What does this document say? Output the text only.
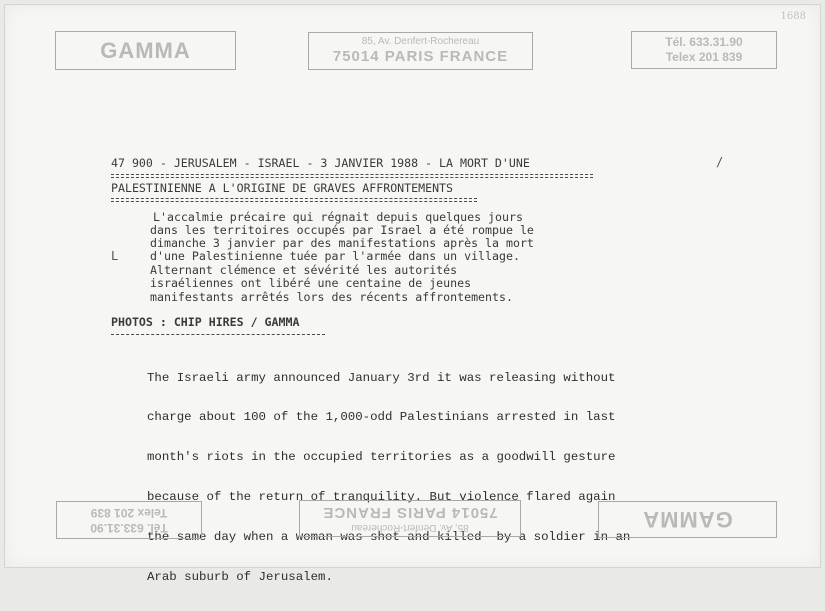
GAMMA	85, Av. Denfert-Rochereau
75014 PARIS FRANCE
Tél. 633.31.90
Telex 201 839
47 900 - JERUSALEM - ISRAEL - 3 JANVIER 1988 - LA MORT D'UNE
PALESTINIENNE A L'ORIGINE DE GRAVES AFFRONTEMENTS
/
L'accalmie précaire qui régnait depuis quelques jours
dans les territoires occupés par Israel a été rompue le
dimanche 3 janvier par des manifestations après la mort
d'une Palestinienne tuée par l'armée dans un village.
Alternant clémence et sévérité les autorités
israéliennes ont libéré une centaine de jeunes
manifestants arrêtés lors des récents affrontements.
L
PHOTOS : CHIP HIRES / GAMMA

The Israeli army announced January 3rd it was releasing without

charge about 100 of the 1,000-odd Palestinians arrested in last

month's riots in the occupied territories as a goodwill gesture

because of the return of tranquility. But violence flared again

the same day when a woman was shot and killed  by a soldier in an

Arab suburb of Jerusalem.

Tél. 633.31.90
Telex 201 839
85, Av. Denfert-Rochereau
75014 PARIS FRANCE	GAMMA
1688
